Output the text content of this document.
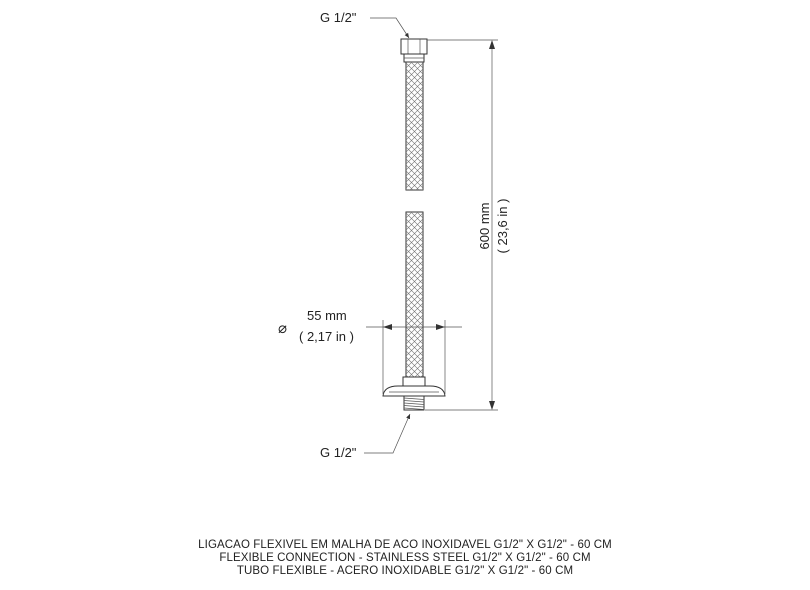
G 1/2"
G 1/2"
600 mm ( 23,6 in )
⌀
55 mm
( 2,17 in )
LIGACAO FLEXIVEL EM MALHA DE ACO INOXIDAVEL G1/2" X G1/2" - 60 CM
FLEXIBLE CONNECTION - STAINLESS STEEL G1/2" X G1/2" - 60 CM
TUBO FLEXIBLE - ACERO INOXIDABLE G1/2" X G1/2" - 60 CM
